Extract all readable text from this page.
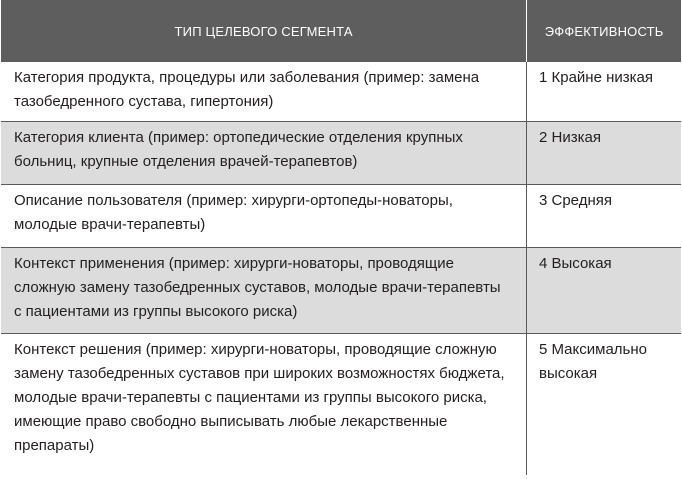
ТИП ЦЕЛЕВОГО СЕГМЕНТА	ЭФФЕКТИВНОСТЬ
Категория продукта, процедуры или заболевания (пример: замена тазобедренного сустава, гипертония)
1 Крайне низкая
Категория клиента (пример: ортопедические отделения крупных больниц, крупные отделения врачей-терапевтов)
2 Низкая
Описание пользователя (пример: хирурги-ортопеды-новаторы, молодые врачи-терапевты)
3 Средняя
Контекст применения (пример: хирурги-новаторы, проводящие сложную замену тазобедренных суставов, молодые врачи-терапевты с пациентами из группы высокого риска)
4 Высокая
Контекст решения (пример: хирурги-новаторы, проводящие сложную замену тазобедренных суставов при широких возможностях бюджета, молодые врачи-терапевты с пациентами из группы высокого риска, имеющие право свободно выписывать любые лекарственные препараты)
5 Максимально высокая
